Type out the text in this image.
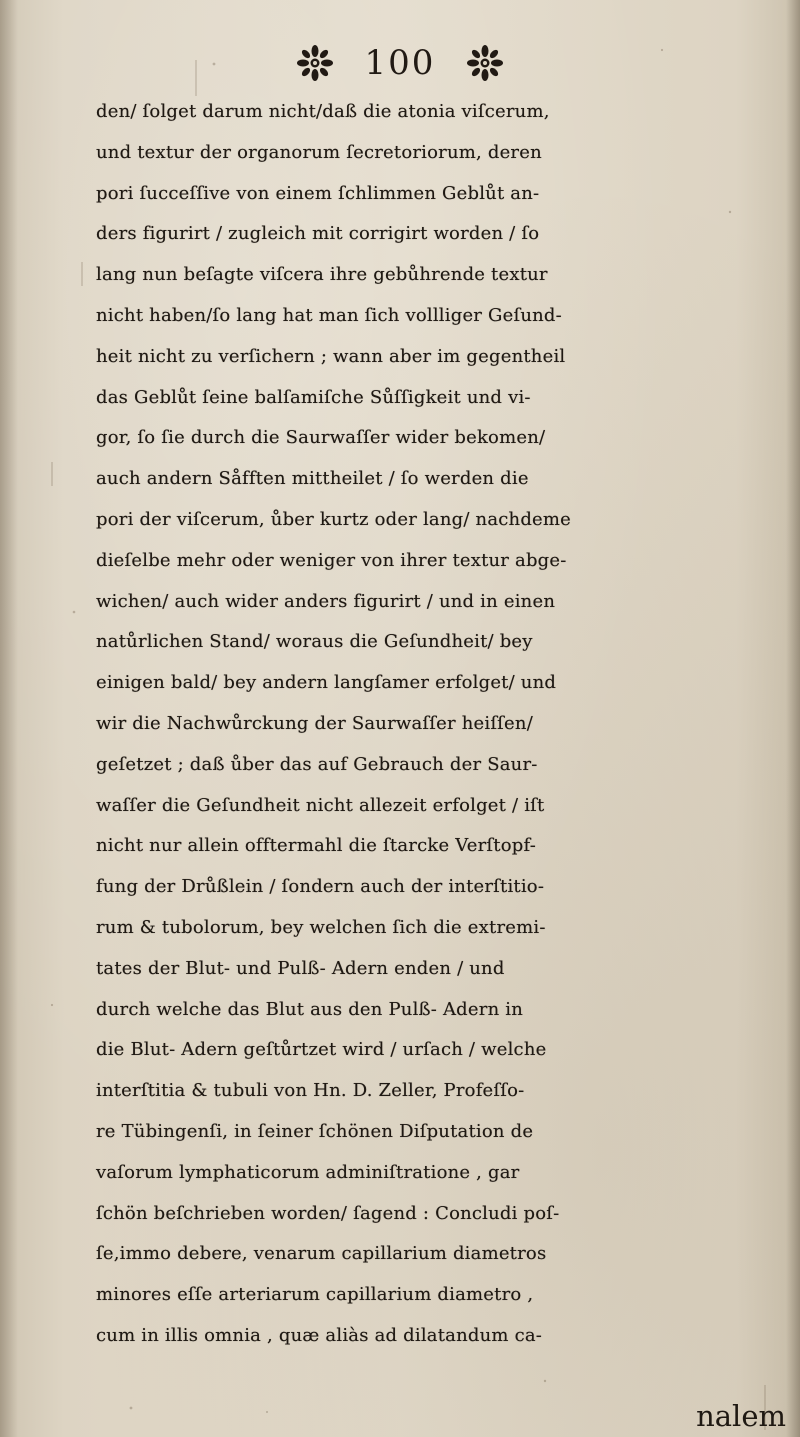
100
den/ ſolget darum nicht/daß die atonia viſcerum,
und textur der organorum ſecretoriorum, deren
pori ſucceſſive von einem ſchlimmen Geblůt an-
ders figurirt / zugleich mit corrigirt worden / ſo
lang nun beſagte viſcera ihre gebůhrende textur
nicht haben/ſo lang hat man ſich vollliger Geſund-
heit nicht zu verſichern ; wann aber im gegentheil
das Geblůt ſeine balſamiſche Sůſſigkeit und vi-
gor, ſo ſie durch die Saurwaſſer wider bekomen/
auch andern Såfften mittheilet / ſo werden die
pori der viſcerum, ůber kurtz oder lang/ nachdeme
dieſelbe mehr oder weniger von ihrer textur abge-
wichen/ auch wider anders figurirt / und in einen
natůrlichen Stand/ woraus die Geſundheit/ bey
einigen bald/ bey andern langſamer erfolget/ und
wir die Nachwůrckung der Saurwaſſer heiſſen/
geſetzet ; daß ůber das auf Gebrauch der Saur-
waſſer die Geſundheit nicht allezeit erfolget / iſt
nicht nur allein offtermahl die ſtarcke Verſtopf-
fung der Drůßlein / ſondern auch der interſtitio-
rum & tubolorum, bey welchen ſich die extremi-
tates der Blut- und Pulß- Adern enden / und
durch welche das Blut aus den Pulß- Adern in
die Blut- Adern geſtůrtzet wird / urſach / welche
interſtitia & tubuli von Hn. D. Zeller, Profeſſo-
re Tübingenſi, in ſeiner ſchönen Diſputation de
vaſorum lymphaticorum adminiſtratione , gar
ſchön beſchrieben worden/ ſagend : Concludi poſ-
ſe,immo debere, venarum capillarium diametros
minores eſſe arteriarum capillarium diametro ,
cum in illis omnia , quæ aliàs ad dilatandum ca-
nalem
